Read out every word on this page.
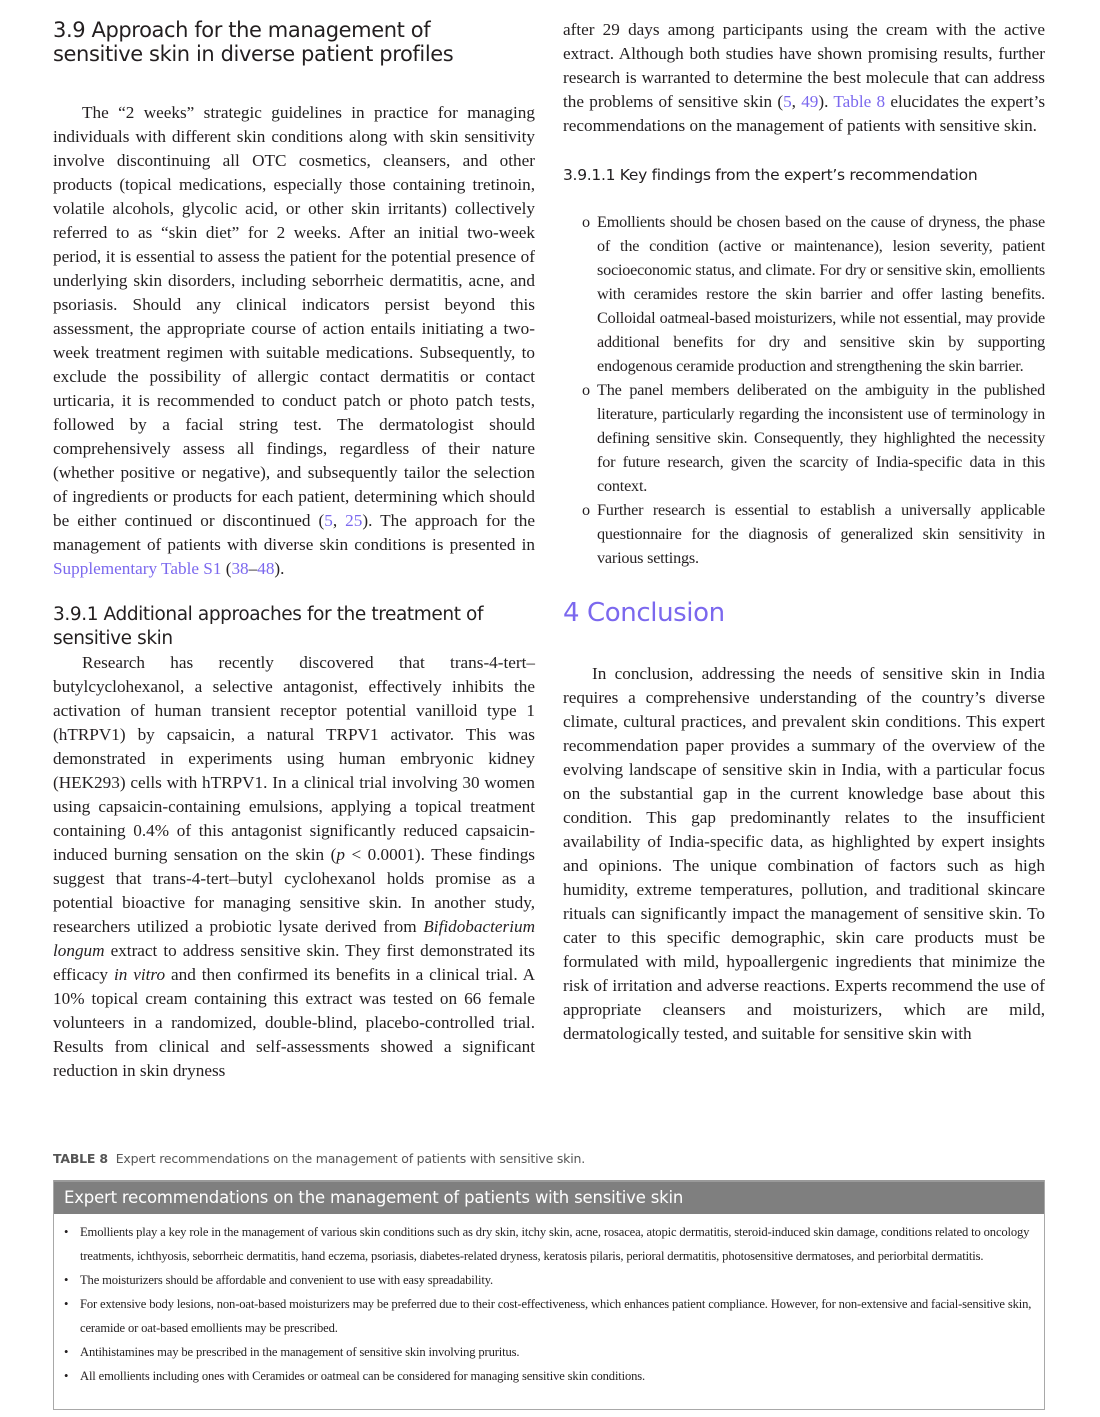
3.9 Approach for the management of
sensitive skin in diverse patient profiles

The “2 weeks” strategic guidelines in practice for managing individuals with different skin conditions along with skin sensitivity involve discontinuing all OTC cosmetics, cleansers, and other products (topical medications, especially those containing tretinoin, volatile alcohols, glycolic acid, or other skin irritants) collectively referred to as “skin diet” for 2 weeks. After an initial two-week period, it is essential to assess the patient for the potential presence of underlying skin disorders, including seborrheic dermatitis, acne, and psoriasis. Should any clinical indicators persist beyond this assessment, the appropriate course of action entails initiating a two-week treatment regimen with suitable medications. Subsequently, to exclude the possibility of allergic contact dermatitis or contact urticaria, it is recommended to conduct patch or photo patch tests, followed by a facial string test. The dermatologist should comprehensively assess all findings, regardless of their nature (whether positive or negative), and subsequently tailor the selection of ingredients or products for each patient, determining which should be either continued or discontinued (5, 25). The approach for the management of patients with diverse skin conditions is presented in Supplementary Table S1 (38–48).

3.9.1 Additional approaches for the treatment of
sensitive skin

Research has recently discovered that trans-4-tert–butylcyclohexanol, a selective antagonist, effectively inhibits the activation of human transient receptor potential vanilloid type 1 (hTRPV1) by capsaicin, a natural TRPV1 activator. This was demonstrated in experiments using human embryonic kidney (HEK293) cells with hTRPV1. In a clinical trial involving 30 women using capsaicin-containing emulsions, applying a topical treatment containing 0.4% of this antagonist significantly reduced capsaicin-induced burning sensation on the skin (p < 0.0001). These findings suggest that trans-4-tert–butyl cyclohexanol holds promise as a potential bioactive for managing sensitive skin. In another study, researchers utilized a probiotic lysate derived from Bifidobacterium longum extract to address sensitive skin. They first demonstrated its efficacy in vitro and then confirmed its benefits in a clinical trial. A 10% topical cream containing this extract was tested on 66 female volunteers in a randomized, double-blind, placebo-controlled trial. Results from clinical and self-assessments showed a significant reduction in skin dryness

after 29 days among participants using the cream with the active extract. Although both studies have shown promising results, further research is warranted to determine the best molecule that can address the problems of sensitive skin (5, 49). Table 8 elucidates the expert’s recommendations on the management of patients with sensitive skin.

3.9.1.1 Key findings from the expert’s recommendation
o Emollients should be chosen based on the cause of dryness, the phase of the condition (active or maintenance), lesion severity, patient socioeconomic status, and climate. For dry or sensitive skin, emollients with ceramides restore the skin barrier and offer lasting benefits. Colloidal oatmeal-based moisturizers, while not essential, may provide additional benefits for dry and sensitive skin by supporting endogenous ceramide production and strengthening the skin barrier.
o The panel members deliberated on the ambiguity in the published literature, particularly regarding the inconsistent use of terminology in defining sensitive skin. Consequently, they highlighted the necessity for future research, given the scarcity of India-specific data in this context.
o Further research is essential to establish a universally applicable questionnaire for the diagnosis of generalized skin sensitivity in various settings.
4 Conclusion

In conclusion, addressing the needs of sensitive skin in India requires a comprehensive understanding of the country’s diverse climate, cultural practices, and prevalent skin conditions. This expert recommendation paper provides a summary of the overview of the evolving landscape of sensitive skin in India, with a particular focus on the substantial gap in the current knowledge base about this condition. This gap predominantly relates to the insufficient availability of India-specific data, as highlighted by expert insights and opinions. The unique combination of factors such as high humidity, extreme temperatures, pollution, and traditional skincare rituals can significantly impact the management of sensitive skin. To cater to this specific demographic, skin care products must be formulated with mild, hypoallergenic ingredients that minimize the risk of irritation and adverse reactions. Experts recommend the use of appropriate cleansers and moisturizers, which are mild, dermatologically tested, and suitable for sensitive skin with

TABLE 8 Expert recommendations on the management of patients with sensitive skin.
Expert recommendations on the management of patients with sensitive skin
• Emollients play a key role in the management of various skin conditions such as dry skin, itchy skin, acne, rosacea, atopic dermatitis, steroid-induced skin damage, conditions related to oncology treatments, ichthyosis, seborrheic dermatitis, hand eczema, psoriasis, diabetes-related dryness, keratosis pilaris, perioral dermatitis, photosensitive dermatoses, and periorbital dermatitis.
• The moisturizers should be affordable and convenient to use with easy spreadability.
• For extensive body lesions, non-oat-based moisturizers may be preferred due to their cost-effectiveness, which enhances patient compliance. However, for non-extensive and facial-sensitive skin, ceramide or oat-based emollients may be prescribed.
• Antihistamines may be prescribed in the management of sensitive skin involving pruritus.
• All emollients including ones with Ceramides or oatmeal can be considered for managing sensitive skin conditions.
